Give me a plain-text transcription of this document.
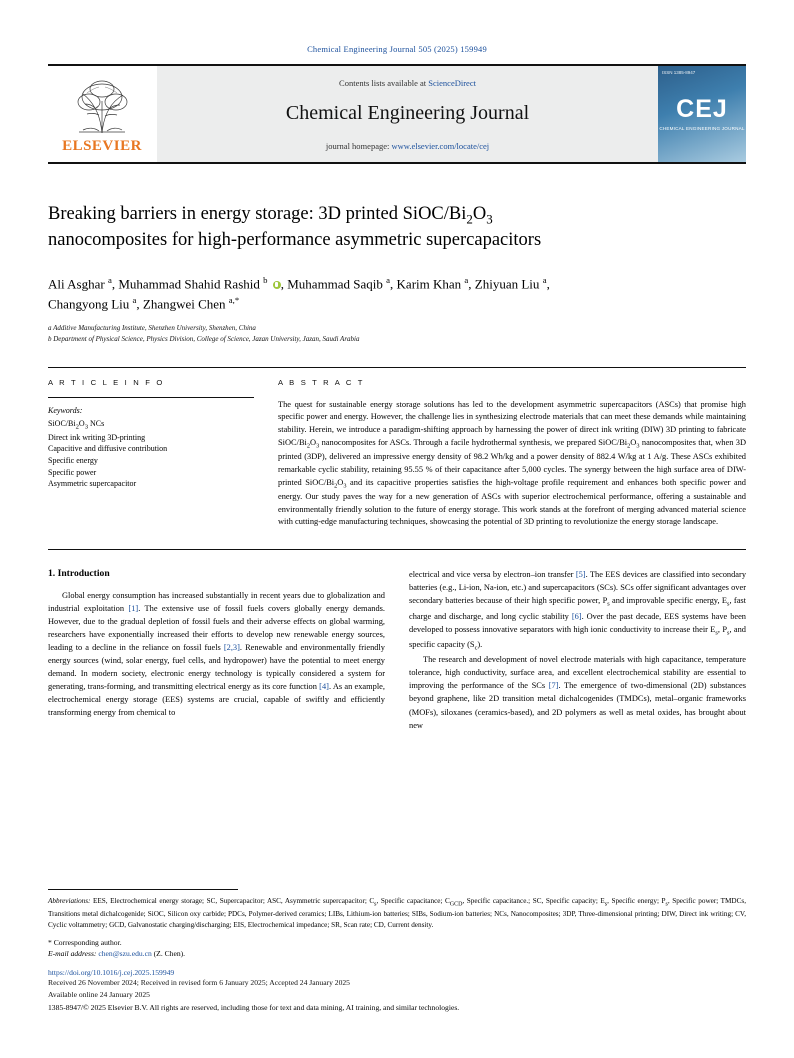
Chemical Engineering Journal 505 (2025) 159949
ELSEVIER
Contents lists available at ScienceDirect
Chemical Engineering Journal
journal homepage: www.elsevier.com/locate/cej
ISSN 1385-8947
CEJ
CHEMICAL ENGINEERING JOURNAL
Breaking barriers in energy storage: 3D printed SiOC/$Bi_2O_3$
nanocomposites for high-performance asymmetric supercapacitors
Ali Asghar $^a$, Muhammad Shahid Rashid $^b$ , Muhammad Saqib $^a$, Karim Khan $^a$, Zhiyuan Liu $^a$,
Changyong Liu $^a$, Zhangwei Chen $^{a,*}$
a Additive Manufacturing Institute, Shenzhen University, Shenzhen, China
b Department of Physical Science, Physics Division, College of Science, Jazan University, Jazan, Saudi Arabia
A R T I C L E I N F O
Keywords:
SiOC/$Bi_2O_3$ NCs
Direct ink writing 3D-printing
Capacitive and diffusive contribution
Specific energy
Specific power
Asymmetric supercapacitor
A B S T R A C T
The quest for sustainable energy storage solutions has led to the development asymmetric supercapacitors (ASCs) that promise high specific power and energy. However, the challenge lies in synthesizing electrode materials that can meet these demands while maintaining stability. Herein, we introduce a paradigm-shifting approach by harnessing the power of direct ink writing (DIW) 3D printing to fabricate SiOC/$Bi_2O_3$ nanocomposites for ASCs. Through a facile hydrothermal synthesis, we prepared SiOC/$Bi_2O_3$ nanocomposites that, when 3D printed (3DP), delivered an impressive energy density of 98.2 Wh/kg and a power density of 882.4 W/kg at 1 A/g. These ASCs exhibited remarkable cyclic stability, retaining 95.55 % of their capacitance after 5,000 cycles. The synergy between the high surface area of DIW-printed SiOC/$Bi_2O_3$ and its capacitive properties satisfies the high-voltage profile requirement and enhances both specific power and energy. Our study paves the way for a new generation of ASCs with superior electrochemical performance, offering a sustainable and environmentally friendly solution to the future of energy storage. This work stands at the forefront of merging advanced material science with cutting-edge manufacturing techniques, showcasing the potential of 3D printing to revolutionize the energy storage landscape.
1. Introduction

Global energy consumption has increased substantially in recent years due to globalization and industrial exploitation [1]. The extensive use of fossil fuels covers globally energy demands. However, due to the gradual depletion of fossil fuels and their adverse effects on global warming, researchers have exponentially increased their efforts to develop new renewable energy sources, leading to a decline in the reliance on fossil fuels [2,3]. Renewable and environmentally friendly energy sources (wind, solar energy, fuel cells, and hydropower) have the potential to meet energy demand. In modern society, electronic energy technology is typically considered a system for generating, trans-forming, and transmitting electrical energy as its core function [4]. As an example, electrochemical energy storage (EES) systems are crucial, capable of swiftly and efficiently transforming energy from chemical to

electrical and vice versa by electron–ion transfer [5]. The EES devices are classified into secondary batteries (e.g., Li-ion, Na-ion, etc.) and supercapacitors (SCs). SCs offer significant advantages over secondary batteries because of their high specific power, $P_s$ and improvable specific energy, $E_s$, fast charge and discharge, and long cyclic stability [6]. Over the past decade, EES systems have been developed to possess innovative separators with high ionic conductivity to increase their $E_s$, $P_s$, and specific capacity $(S_c)$.

The research and development of novel electrode materials with high capacitance, temperature tolerance, high conductivity, surface area, and excellent electrochemical stability are essential to improving the performance of the SCs [7]. The emergence of two-dimensional (2D) substances beyond graphene, like 2D transition metal dichalcogenides (TMDCs), metal–organic frameworks (MOFs), siloxanes (ceramics-based), and 2D polymers as well as metal oxides, has brought about new

Abbreviations: EES, Electrochemical energy storage; SC, Supercapacitor; ASC, Asymmetric supercapacitor; $C_s$, Specific capacitance; $C_{GCD}$, Specific capacitance.; SC, Specific capacity; $E_s$, Specific energy; $P_s$, Specific power; TMDCs, Transitions metal dichalcogenide; SiOC, Silicon oxy carbide; PDCs, Polymer-derived ceramics; LIBs, Lithium-ion batteries; SIBs, Sodium-ion batteries; NCs, Nanocomposites; 3DP, Three-dimensional printing; DIW, Direct ink writing; CV, Cyclic voltammetry; GCD, Galvanostatic charging/discharging; EIS, Electrochemical impedance; SR, Scan rate; CD, Current density.
* Corresponding author.
E-mail address: chen@szu.edu.cn (Z. Chen).
https://doi.org/10.1016/j.cej.2025.159949
Received 26 November 2024; Received in revised form 6 January 2025; Accepted 24 January 2025
Available online 24 January 2025
1385-8947/© 2025 Elsevier B.V. All rights are reserved, including those for text and data mining, AI training, and similar technologies.
